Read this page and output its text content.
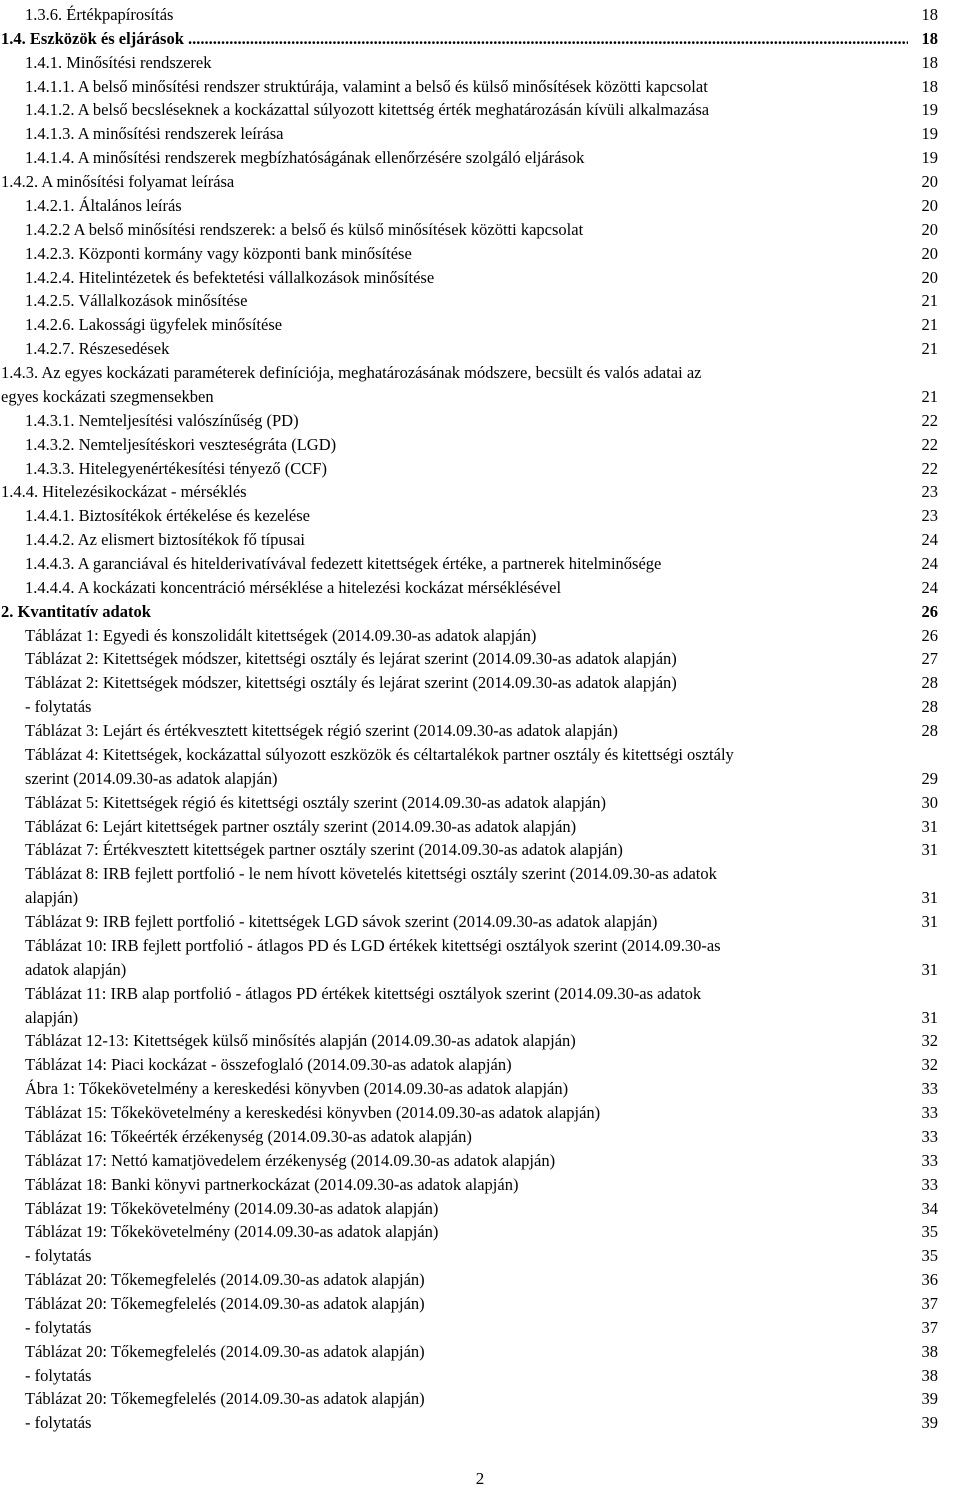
1.3.6. Értékpapírosítás	18
1.4. Eszközök és eljárások .....	18
1.4.1. Minősítési rendszerek	18
1.4.1.1. A belső minősítési rendszer struktúrája, valamint a belső és külső minősítések közötti kapcsolat	18
1.4.1.2. A belső becsléseknek a kockázattal súlyozott kitettség érték meghatározásán kívüli alkalmazása	19
1.4.1.3. A minősítési rendszerek leírása	19
1.4.1.4. A minősítési rendszerek megbízhatóságának ellenőrzésére szolgáló eljárások	19
1.4.2. A minősítési folyamat leírása	20
1.4.2.1. Általános leírás	20
1.4.2.2 A belső minősítési rendszerek: a belső és külső minősítések közötti kapcsolat	20
1.4.2.3. Központi kormány vagy központi bank minősítése	20
1.4.2.4. Hitelintézetek és befektetési vállalkozások minősítése	20
1.4.2.5. Vállalkozások minősítése	21
1.4.2.6. Lakossági ügyfelek minősítése	21
1.4.2.7. Részesedések	21
1.4.3. Az egyes kockázati paraméterek definíciója, meghatározásának módszere, becsült és valós adatai az
egyes kockázati szegmensekben	21
1.4.3.1. Nemteljesítési valószínűség (PD)	22
1.4.3.2. Nemteljesítéskori veszteségráta (LGD)	22
1.4.3.3. Hitelegyenértékesítési tényező (CCF)	22
1.4.4. Hitelezésikockázat - mérséklés	23
1.4.4.1. Biztosítékok értékelése és kezelése	23
1.4.4.2. Az elismert biztosítékok fő típusai	24
1.4.4.3. A garanciával és hitelderivatívával fedezett kitettségek értéke, a partnerek hitelminősége	24
1.4.4.4. A kockázati koncentráció mérséklése a hitelezési kockázat mérséklésével	24
2. Kvantitatív adatok	26
Táblázat 1: Egyedi és konszolidált kitettségek (2014.09.30-as adatok alapján)	26
Táblázat 2: Kitettségek módszer, kitettségi osztály és lejárat szerint (2014.09.30-as adatok alapján)	27
Táblázat 2: Kitettségek módszer, kitettségi osztály és lejárat szerint (2014.09.30-as adatok alapján)	28
- folytatás	28
Táblázat 3: Lejárt és értékvesztett kitettségek régió szerint (2014.09.30-as adatok alapján)	28
Táblázat 4: Kitettségek, kockázattal súlyozott eszközök és céltartalékok partner osztály és kitettségi osztály
szerint (2014.09.30-as adatok alapján)	29
Táblázat 5: Kitettségek régió és kitettségi osztály szerint (2014.09.30-as adatok alapján)	30
Táblázat 6: Lejárt kitettségek partner osztály szerint (2014.09.30-as adatok alapján)	31
Táblázat 7: Értékvesztett kitettségek partner osztály szerint (2014.09.30-as adatok alapján)	31
Táblázat 8: IRB fejlett portfolió - le nem hívott követelés kitettségi osztály szerint (2014.09.30-as adatok
alapján)	31
Táblázat 9: IRB fejlett portfolió - kitettségek LGD sávok szerint (2014.09.30-as adatok alapján)	31
Táblázat 10: IRB fejlett portfolió - átlagos PD és LGD értékek kitettségi osztályok szerint (2014.09.30-as
adatok alapján)	31
Táblázat 11: IRB alap portfolió - átlagos PD értékek kitettségi osztályok szerint (2014.09.30-as adatok
alapján)	31
Táblázat 12-13: Kitettségek külső minősítés alapján (2014.09.30-as adatok alapján)	32
Táblázat 14: Piaci kockázat - összefoglaló (2014.09.30-as adatok alapján)	32
Ábra 1: Tőkekövetelmény a kereskedési könyvben (2014.09.30-as adatok alapján)	33
Táblázat 15: Tőkekövetelmény a kereskedési könyvben (2014.09.30-as adatok alapján)	33
Táblázat 16: Tőkeérték érzékenység (2014.09.30-as adatok alapján)	33
Táblázat 17: Nettó kamatjövedelem érzékenység (2014.09.30-as adatok alapján)	33
Táblázat 18: Banki könyvi partnerkockázat (2014.09.30-as adatok alapján)	33
Táblázat 19: Tőkekövetelmény (2014.09.30-as adatok alapján)	34
Táblázat 19: Tőkekövetelmény (2014.09.30-as adatok alapján)	35
- folytatás	35
Táblázat 20: Tőkemegfelelés (2014.09.30-as adatok alapján)	36
Táblázat 20: Tőkemegfelelés (2014.09.30-as adatok alapján)	37
- folytatás	37
Táblázat 20: Tőkemegfelelés (2014.09.30-as adatok alapján)	38
- folytatás	38
Táblázat 20: Tőkemegfelelés (2014.09.30-as adatok alapján)	39
- folytatás	39
2
